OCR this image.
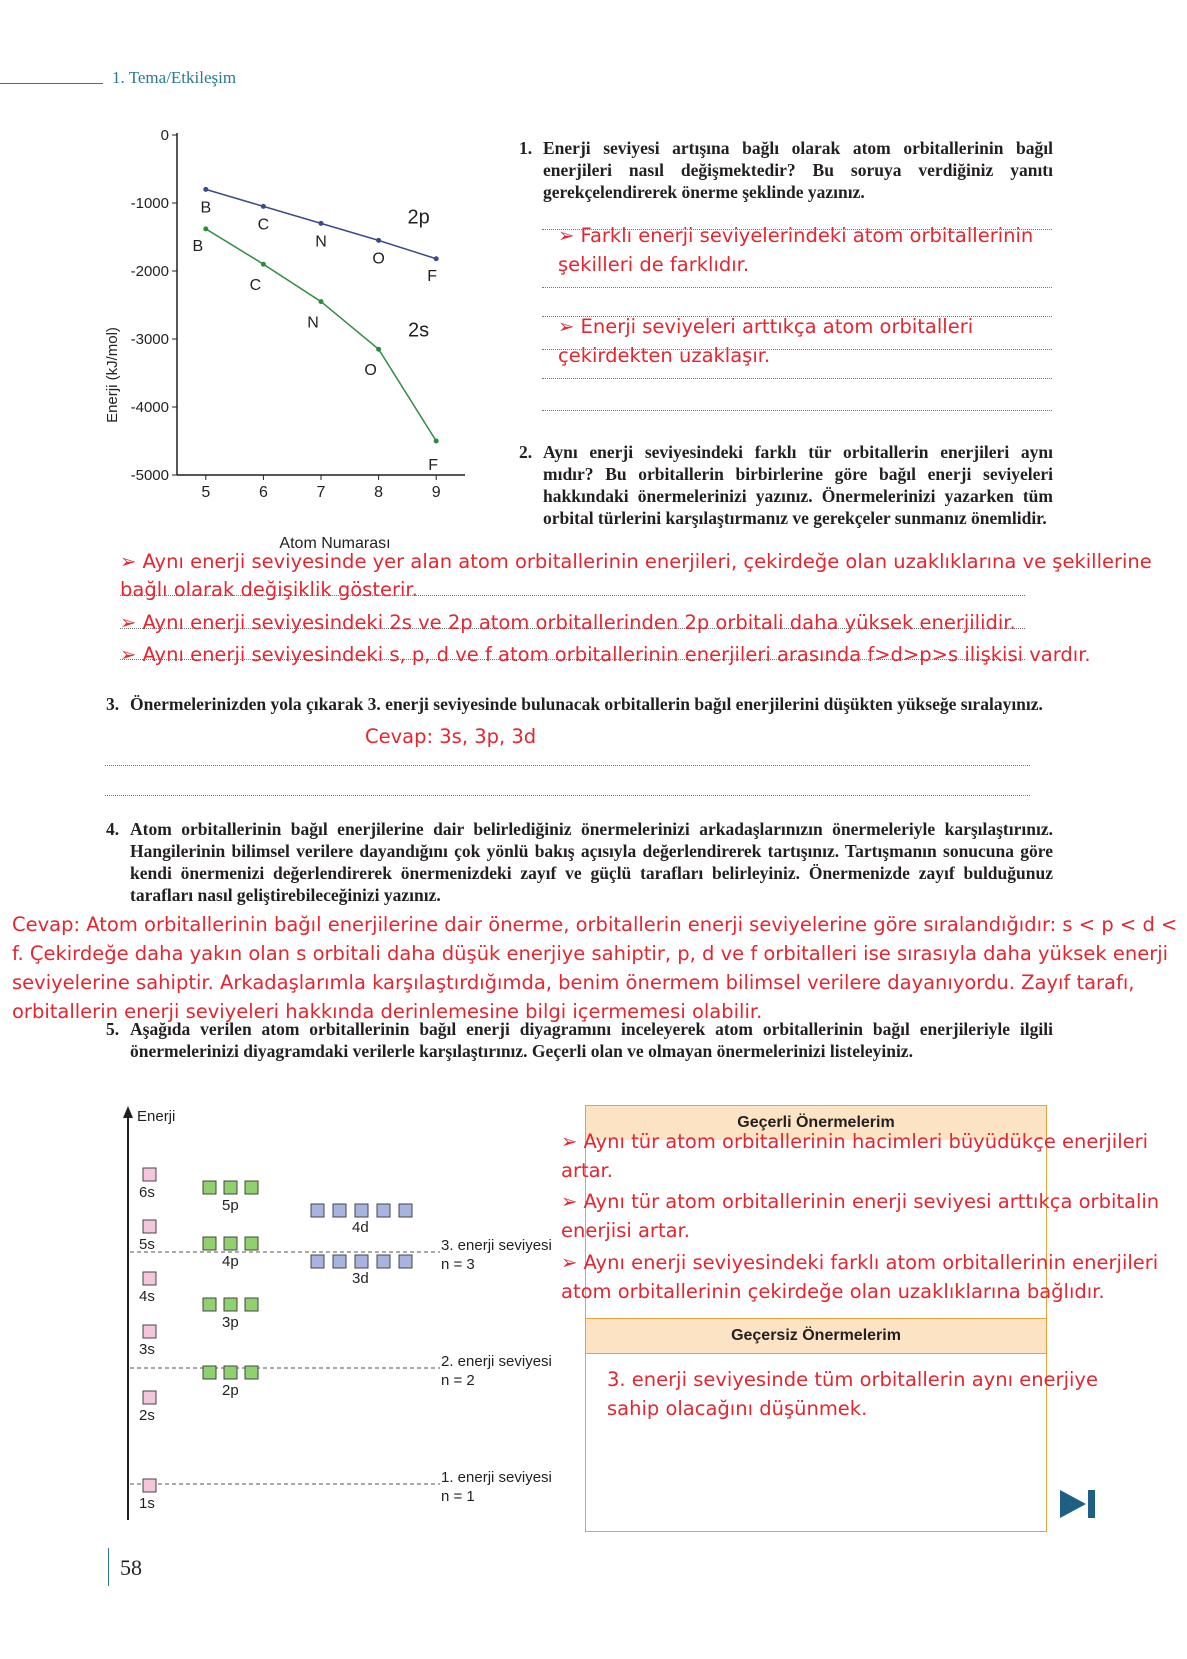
1. Tema/Etkileşim
B
C
N
O
F
2p
B
C
N
O
F
2s
0
-1000
-2000
-3000
-4000
-5000
5	6	7	8	9
Enerji (kJ/mol)
Atom Numarası
1. Enerji seviyesi artışına bağlı olarak atom orbitallerinin bağıl enerjileri nasıl değişmektedir? Bu soruya verdiğiniz yanıtı gerekçelendirerek önerme şeklinde yazınız.
➢ Farklı enerji seviyelerindeki atom orbitallerinin
şekilleri de farklıdır.
➢ Enerji seviyeleri arttıkça atom orbitalleri
çekirdekten uzaklaşır.
2. Aynı enerji seviyesindeki farklı tür orbitallerin enerjileri aynı mıdır? Bu orbitallerin birbirlerine göre bağıl enerji seviyeleri hakkındaki önermelerinizi yazınız. Önermelerinizi yazarken tüm orbital türlerini karşılaştırmanız ve gerekçeler sunmanız önemlidir.
➢ Aynı enerji seviyesinde yer alan atom orbitallerinin enerjileri, çekirdeğe olan uzaklıklarına ve şekillerine
bağlı olarak değişiklik gösterir.
➢ Aynı enerji seviyesindeki 2s ve 2p atom orbitallerinden 2p orbitali daha yüksek enerjilidir.
➢ Aynı enerji seviyesindeki s, p, d ve f atom orbitallerinin enerjileri arasında f>d>p>s ilişkisi vardır.
3. Önermelerinizden yola çıkarak 3. enerji seviyesinde bulunacak orbitallerin bağıl enerjilerini düşükten yükseğe sıralayınız.
Cevap: 3s, 3p, 3d
4. Atom orbitallerinin bağıl enerjilerine dair belirlediğiniz önermelerinizi arkadaşlarınızın önermeleriyle karşılaştırınız. Hangilerinin bilimsel verilere dayandığını çok yönlü bakış açısıyla değerlendirerek tartışınız. Tartışmanın sonucuna göre kendi önermenizi değerlendirerek önermenizdeki zayıf ve güçlü tarafları belirleyiniz. Önermenizde zayıf bulduğunuz tarafları nasıl geliştirebileceğinizi yazınız.
Cevap: Atom orbitallerinin bağıl enerjilerine dair önerme, orbitallerin enerji seviyelerine göre sıralandığıdır: s < p < d <
f. Çekirdeğe daha yakın olan s orbitali daha düşük enerjiye sahiptir, p, d ve f orbitalleri ise sırasıyla daha yüksek enerji
seviyelerine sahiptir. Arkadaşlarımla karşılaştırdığımda, benim önermem bilimsel verilere dayanıyordu. Zayıf tarafı,
orbitallerin enerji seviyeleri hakkında derinlemesine bilgi içermemesi olabilir.
5. Aşağıda verilen atom orbitallerinin bağıl enerji diyagramını inceleyerek atom orbitallerinin bağıl enerjileriyle ilgili önermelerinizi diyagramdaki verilerle karşılaştırınız. Geçerli olan ve olmayan önermelerinizi listeleyiniz.
Enerji
3. enerji seviyesi
n = 3
2. enerji seviyesi
n = 2
1. enerji seviyesi
n = 1
6s
5s
4s
3s
2s
1s
5p
4p
3p
2p
4d
3d
Geçerli Önermelerim
Geçersiz Önermelerim
➢ Aynı tür atom orbitallerinin hacimleri büyüdükçe enerjileri
artar.
➢ Aynı tür atom orbitallerinin enerji seviyesi arttıkça orbitalin
enerjisi artar.
➢ Aynı enerji seviyesindeki farklı atom orbitallerinin enerjileri
atom orbitallerinin çekirdeğe olan uzaklıklarına bağlıdır.
3. enerji seviyesinde tüm orbitallerin aynı enerjiye
sahip olacağını düşünmek.
58
